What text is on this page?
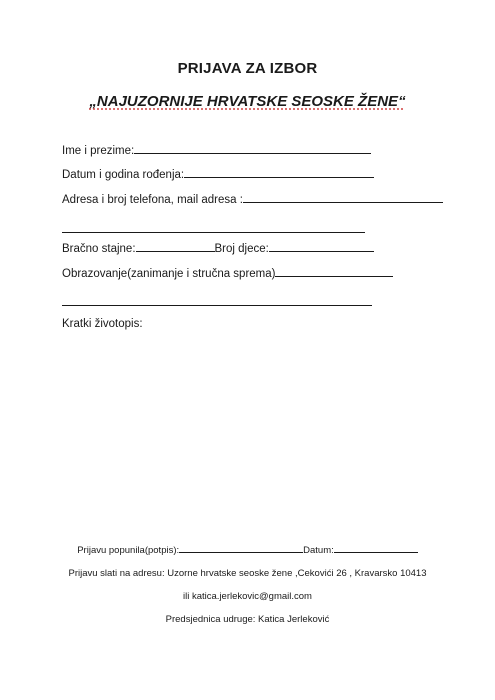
PRIJAVA ZA IZBOR
„NAJUZORNIJE HRVATSKE SEOSKE ŽENE“
Ime i prezime:
Datum i godina rođenja:
Adresa i broj telefona, mail adresa :
Bračno stajne:	Broj djece:
Obrazovanje(zanimanje i stručna sprema)
Kratki životopis:
Prijavu popunila(potpis):	Datum:
Prijavu slati na adresu: Uzorne hrvatske seoske žene ,Cekovići 26 , Kravarsko 10413
ili katica.jerlekovic@gmail.com
Predsjednica udruge: Katica Jerleković
